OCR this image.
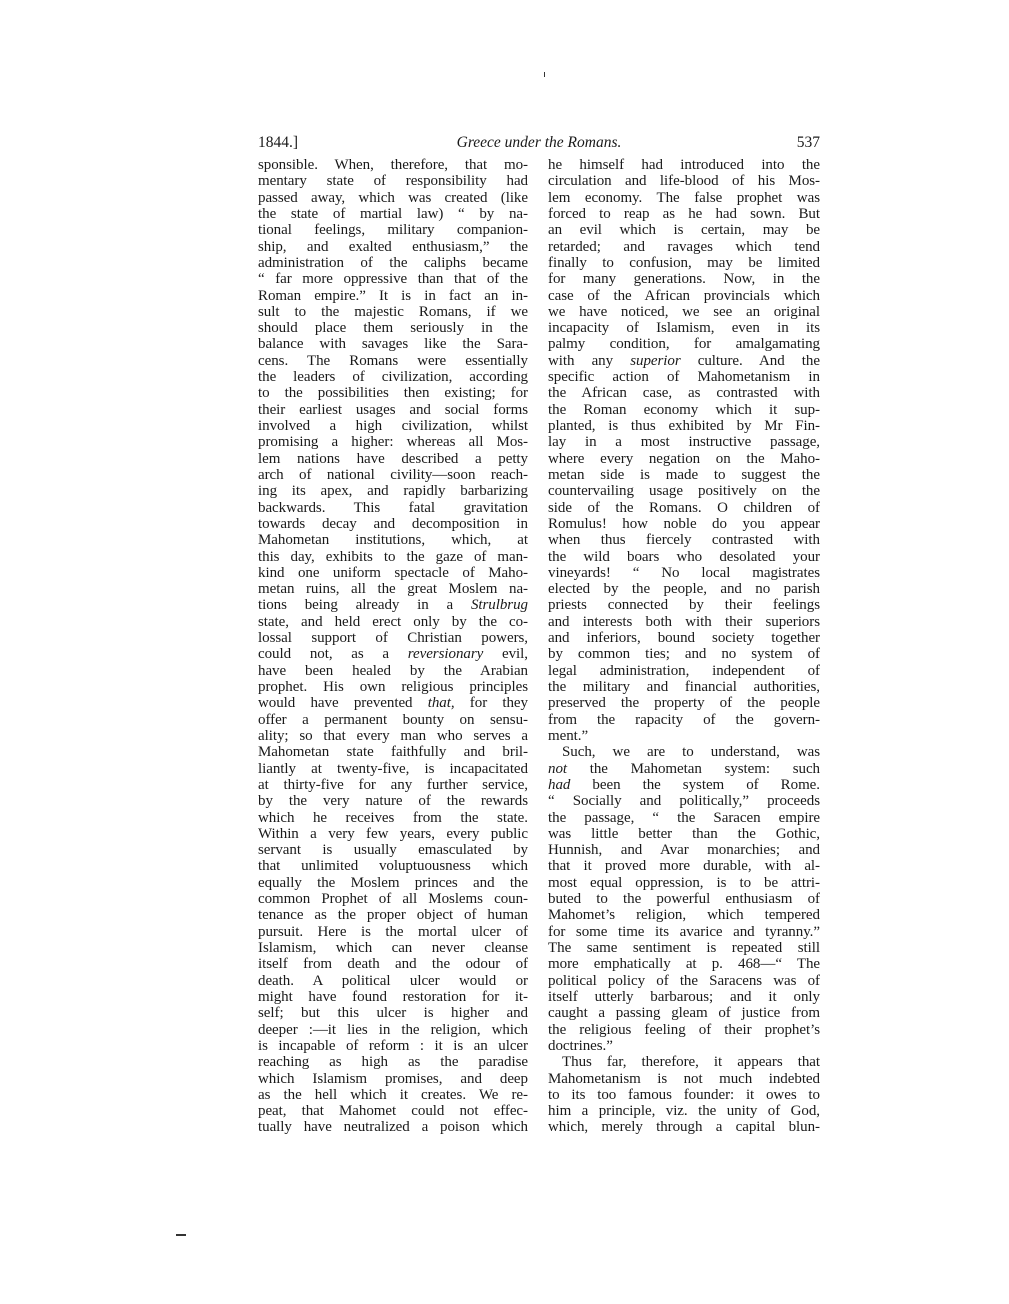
1844.]	Greece under the Romans.	537
sponsible. When, therefore, that mo-
mentary state of responsibility had
passed away, which was created (like
the state of martial law) “ by na-
tional feelings, military companion-
ship, and exalted enthusiasm,” the
administration of the caliphs became
“ far more oppressive than that of the
Roman empire.” It is in fact an in-
sult to the majestic Romans, if we
should place them seriously in the
balance with savages like the Sara-
cens. The Romans were essentially
the leaders of civilization, according
to the possibilities then existing; for
their earliest usages and social forms
involved a high civilization, whilst
promising a higher: whereas all Mos-
lem nations have described a petty
arch of national civility—soon reach-
ing its apex, and rapidly barbarizing
backwards. This fatal gravitation
towards decay and decomposition in
Mahometan institutions, which, at
this day, exhibits to the gaze of man-
kind one uniform spectacle of Maho-
metan ruins, all the great Moslem na-
tions being already in a Strulbrug
state, and held erect only by the co-
lossal support of Christian powers,
could not, as a reversionary evil,
have been healed by the Arabian
prophet. His own religious principles
would have prevented that, for they
offer a permanent bounty on sensu-
ality; so that every man who serves a
Mahometan state faithfully and bril-
liantly at twenty-five, is incapacitated
at thirty-five for any further service,
by the very nature of the rewards
which he receives from the state.
Within a very few years, every public
servant is usually emasculated by
that unlimited voluptuousness which
equally the Moslem princes and the
common Prophet of all Moslems coun-
tenance as the proper object of human
pursuit. Here is the mortal ulcer of
Islamism, which can never cleanse
itself from death and the odour of
death. A political ulcer would or
might have found restoration for it-
self; but this ulcer is higher and
deeper :—it lies in the religion, which
is incapable of reform : it is an ulcer
reaching as high as the paradise
which Islamism promises, and deep
as the hell which it creates. We re-
peat, that Mahomet could not effec-
tually have neutralized a poison which
he himself had introduced into the
circulation and life-blood of his Mos-
lem economy. The false prophet was
forced to reap as he had sown. But
an evil which is certain, may be
retarded; and ravages which tend
finally to confusion, may be limited
for many generations. Now, in the
case of the African provincials which
we have noticed, we see an original
incapacity of Islamism, even in its
palmy condition, for amalgamating
with any superior culture. And the
specific action of Mahometanism in
the African case, as contrasted with
the Roman economy which it sup-
planted, is thus exhibited by Mr Fin-
lay in a most instructive passage,
where every negation on the Maho-
metan side is made to suggest the
countervailing usage positively on the
side of the Romans. O children of
Romulus! how noble do you appear
when thus fiercely contrasted with
the wild boars who desolated your
vineyards! “ No local magistrates
elected by the people, and no parish
priests connected by their feelings
and interests both with their superiors
and inferiors, bound society together
by common ties; and no system of
legal administration, independent of
the military and financial authorities,
preserved the property of the people
from the rapacity of the govern-
ment.”
Such, we are to understand, was
not the Mahometan system: such
had been the system of Rome.
“ Socially and politically,” proceeds
the passage, “ the Saracen empire
was little better than the Gothic,
Hunnish, and Avar monarchies; and
that it proved more durable, with al-
most equal oppression, is to be attri-
buted to the powerful enthusiasm of
Mahomet’s religion, which tempered
for some time its avarice and tyranny.”
The same sentiment is repeated still
more emphatically at p. 468—“ The
political policy of the Saracens was of
itself utterly barbarous; and it only
caught a passing gleam of justice from
the religious feeling of their prophet’s
doctrines.”
Thus far, therefore, it appears that
Mahometanism is not much indebted
to its too famous founder: it owes to
him a principle, viz. the unity of God,
which, merely through a capital blun-
